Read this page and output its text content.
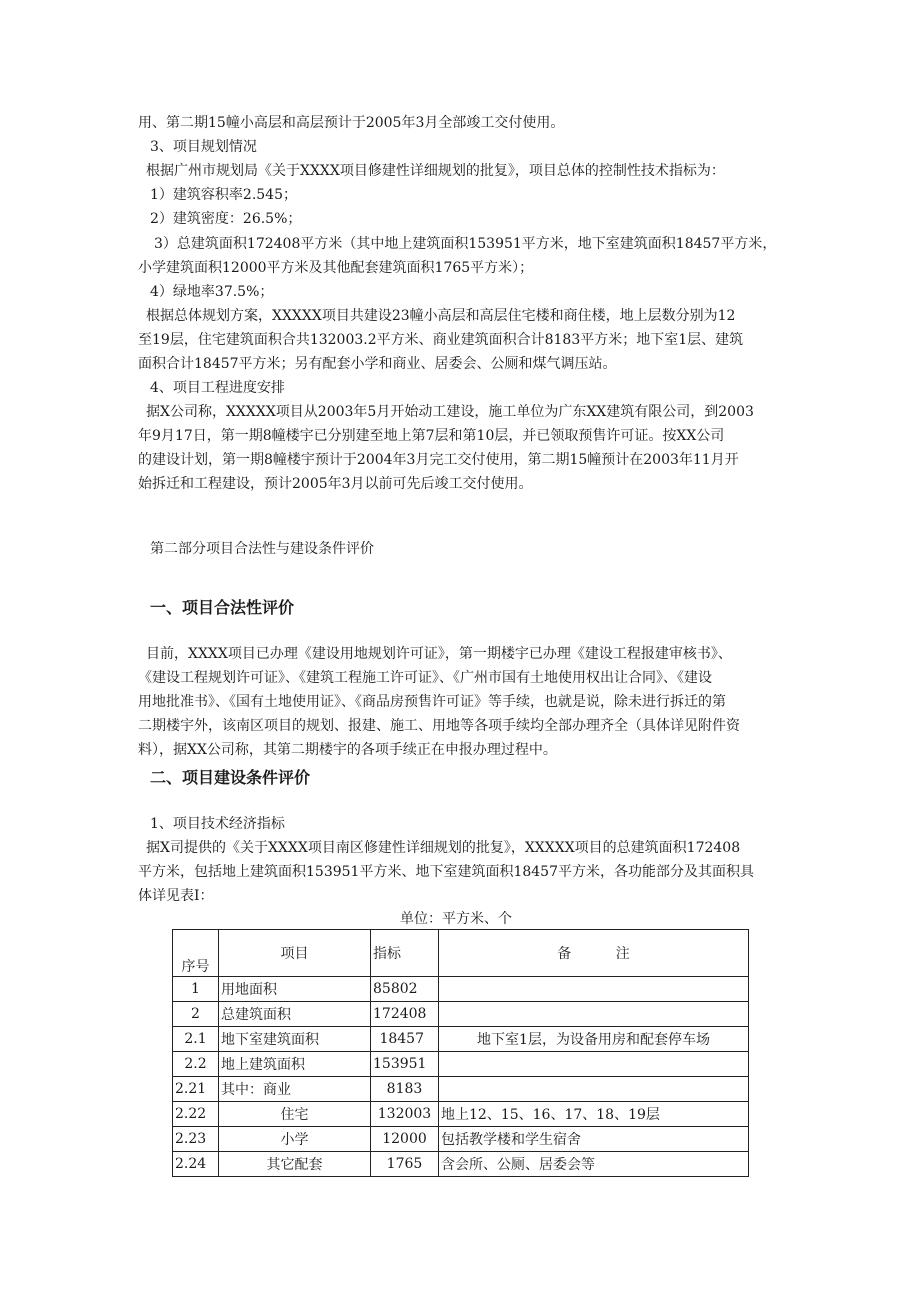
用、第二期15幢小高层和高层预计于2005年3月全部竣工交付使用。
3、项目规划情况
根据广州市规划局《关于XXXX项目修建性详细规划的批复》，项目总体的控制性技术指标为：
1）建筑容积率2.545；
2）建筑密度：26.5%；
3）总建筑面积172408平方米（其中地上建筑面积153951平方米，地下室建筑面积18457平方米，
小学建筑面积12000平方米及其他配套建筑面积1765平方米）；
4）绿地率37.5%；
根据总体规划方案，XXXXX项目共建设23幢小高层和高层住宅楼和商住楼，地上层数分别为12
至19层，住宅建筑面积合共132003.2平方米、商业建筑面积合计8183平方米；地下室1层、建筑
面积合计18457平方米；另有配套小学和商业、居委会、公厕和煤气调压站。
4、项目工程进度安排
据X公司称，XXXXX项目从2003年5月开始动工建设，施工单位为广东XX建筑有限公司，到2003
年9月17日，第一期8幢楼宇已分别建至地上第7层和第10层，并已领取预售许可证。按XX公司
的建设计划，第一期8幢楼宇预计于2004年3月完工交付使用，第二期15幢预计在2003年11月开
始拆迁和工程建设，预计2005年3月以前可先后竣工交付使用。
第二部分项目合法性与建设条件评价
一、项目合法性评价
目前，XXXX项目已办理《建设用地规划许可证》，第一期楼宇已办理《建设工程报建审核书》、
《建设工程规划许可证》、《建筑工程施工许可证》、《广州市国有土地使用权出让合同》、《建设
用地批准书》、《国有土地使用证》、《商品房预售许可证》等手续，也就是说，除未进行拆迁的第
二期楼宇外，该南区项目的规划、报建、施工、用地等各项手续均全部办理齐全（具体详见附件资
料），据XX公司称，其第二期楼宇的各项手续正在申报办理过程中。
二、项目建设条件评价
1、项目技术经济指标
据X司提供的《关于XXXX项目南区修建性详细规划的批复》，XXXXX项目的总建筑面积172408
平方米，包括地上建筑面积153951平方米、地下室建筑面积18457平方米，各功能部分及其面积具
体详见表I：
单位：平方米、个
序号	项目	指标	备          注
1	用地面积	85802	
2	总建筑面积	172408	
2.1	地下室建筑面积	18457	地下室1层，为设备用房和配套停车场
2.2	地上建筑面积	153951	
2.21	其中：商业	8183	
2.22	住宅	132003	地上12、15、16、17、18、19层
2.23	小学	12000	包括教学楼和学生宿舍
2.24	其它配套	1765	含会所、公厕、居委会等
